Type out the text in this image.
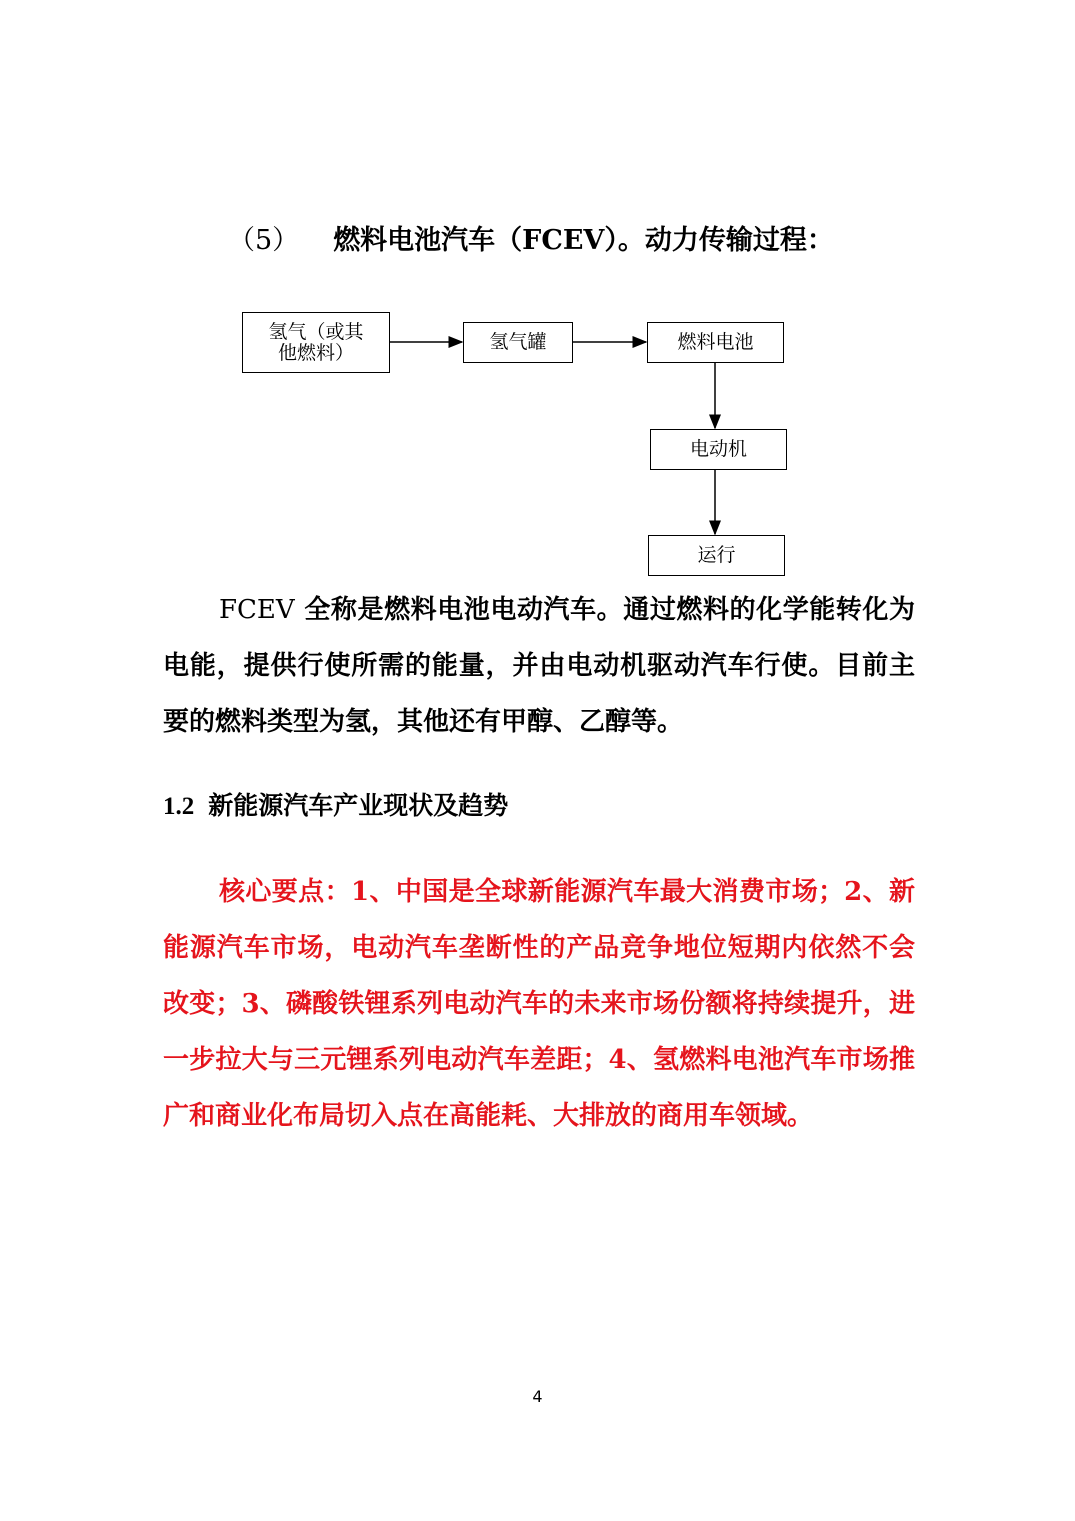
（5） 燃料电池汽车（FCEV）。动力传输过程：
氢气（或其他燃料）	氢气罐	燃料电池
电动机
运行

FCEV 全称是燃料电池电动汽车。通过燃料的化学能转化为电能，提供行使所需的能量，并由电动机驱动汽车行使。目前主要的燃料类型为氢，其他还有甲醇、乙醇等。

1.2 新能源汽车产业现状及趋势

核心要点：1、中国是全球新能源汽车最大消费市场；2、新能源汽车市场，电动汽车垄断性的产品竞争地位短期内依然不会改变；3、磷酸铁锂系列电动汽车的未来市场份额将持续提升，进一步拉大与三元锂系列电动汽车差距；4、氢燃料电池汽车市场推广和商业化布局切入点在高能耗、大排放的商用车领域。

4
